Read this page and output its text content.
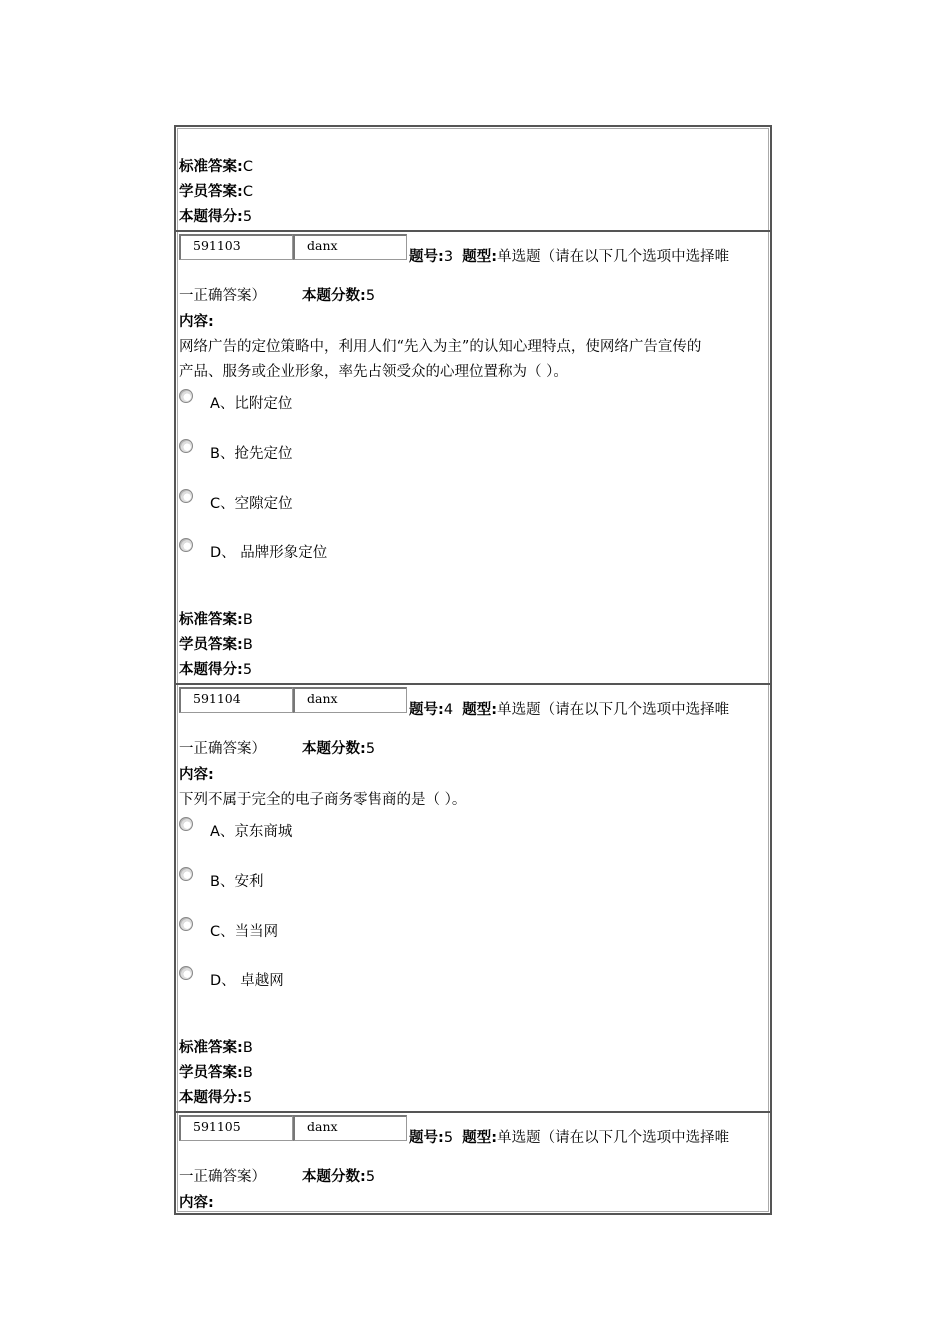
标准答案:C
学员答案:C
本题得分:5
591103	danx
题号:3 题型:单选题（请在以下几个选项中选择唯
一正确答案） 本题分数:5
内容:
网络广告的定位策略中，利用人们“先入为主”的认知心理特点，使网络广告宣传的
产品、服务或企业形象，率先占领受众的心理位置称为（ ）。
A、比附定位
B、抢先定位
C、空隙定位
D、 品牌形象定位
标准答案:B
学员答案:B
本题得分:5
591104	danx
题号:4 题型:单选题（请在以下几个选项中选择唯
一正确答案） 本题分数:5
内容:
下列不属于完全的电子商务零售商的是（ ）。
A、京东商城
B、安利
C、当当网
D、 卓越网
标准答案:B
学员答案:B
本题得分:5
591105	danx
题号:5 题型:单选题（请在以下几个选项中选择唯
一正确答案） 本题分数:5
内容:
